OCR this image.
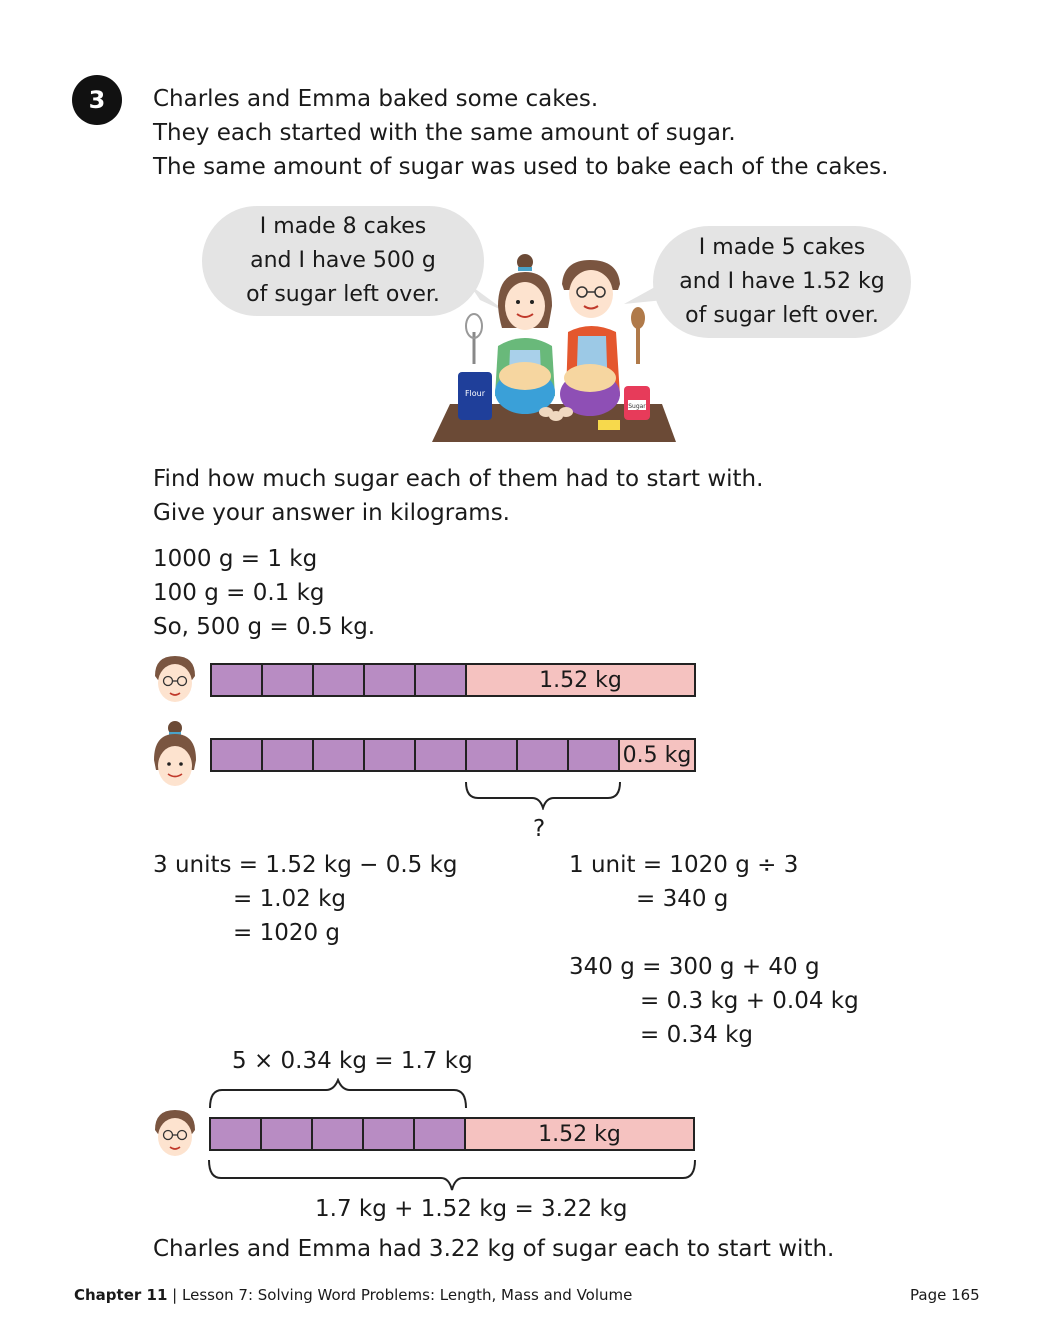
3	Charles and Emma baked some cakes.
They each started with the same amount of sugar.
The same amount of sugar was used to bake each of the cakes.
I made 8 cakes
and I have 500 g
of sugar left over.
I made 5 cakes
and I have 1.52 kg
of sugar left over.
Flour
Sugar
Find how much sugar each of them had to start with.
Give your answer in kilograms.
1000 g = 1 kg
100 g = 0.1 kg
So, 500 g = 0.5 kg.
1.52 kg
0.5 kg
?
3 units = 1.52 kg − 0.5 kg
= 1.02 kg
= 1020 g
1 unit = 1020 g ÷ 3
= 340 g
340 g = 300 g + 40 g
= 0.3 kg + 0.04 kg
= 0.34 kg
5 × 0.34 kg = 1.7 kg
1.52 kg
1.7 kg + 1.52 kg = 3.22 kg
Charles and Emma had 3.22 kg of sugar each to start with.
Chapter 11 | Lesson 7: Solving Word Problems: Length, Mass and Volume	Page 165
